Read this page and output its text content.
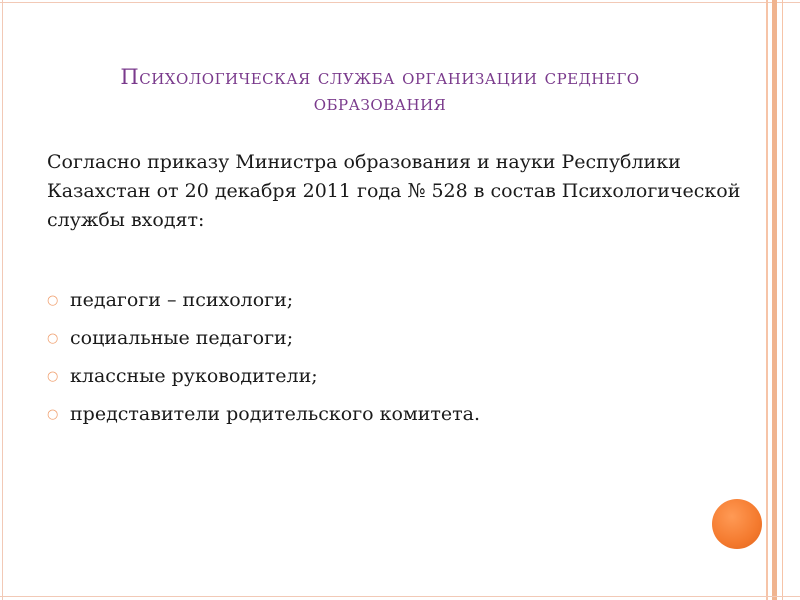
Психологическая служба организации среднего образования
Согласно приказу Министра образования и науки Республики Казахстан от 20 декабря 2011 года № 528 в состав Психологической службы входят:
○ педагоги – психологи;
○ социальные педагоги;
○ классные руководители;
○ представители родительского комитета.
